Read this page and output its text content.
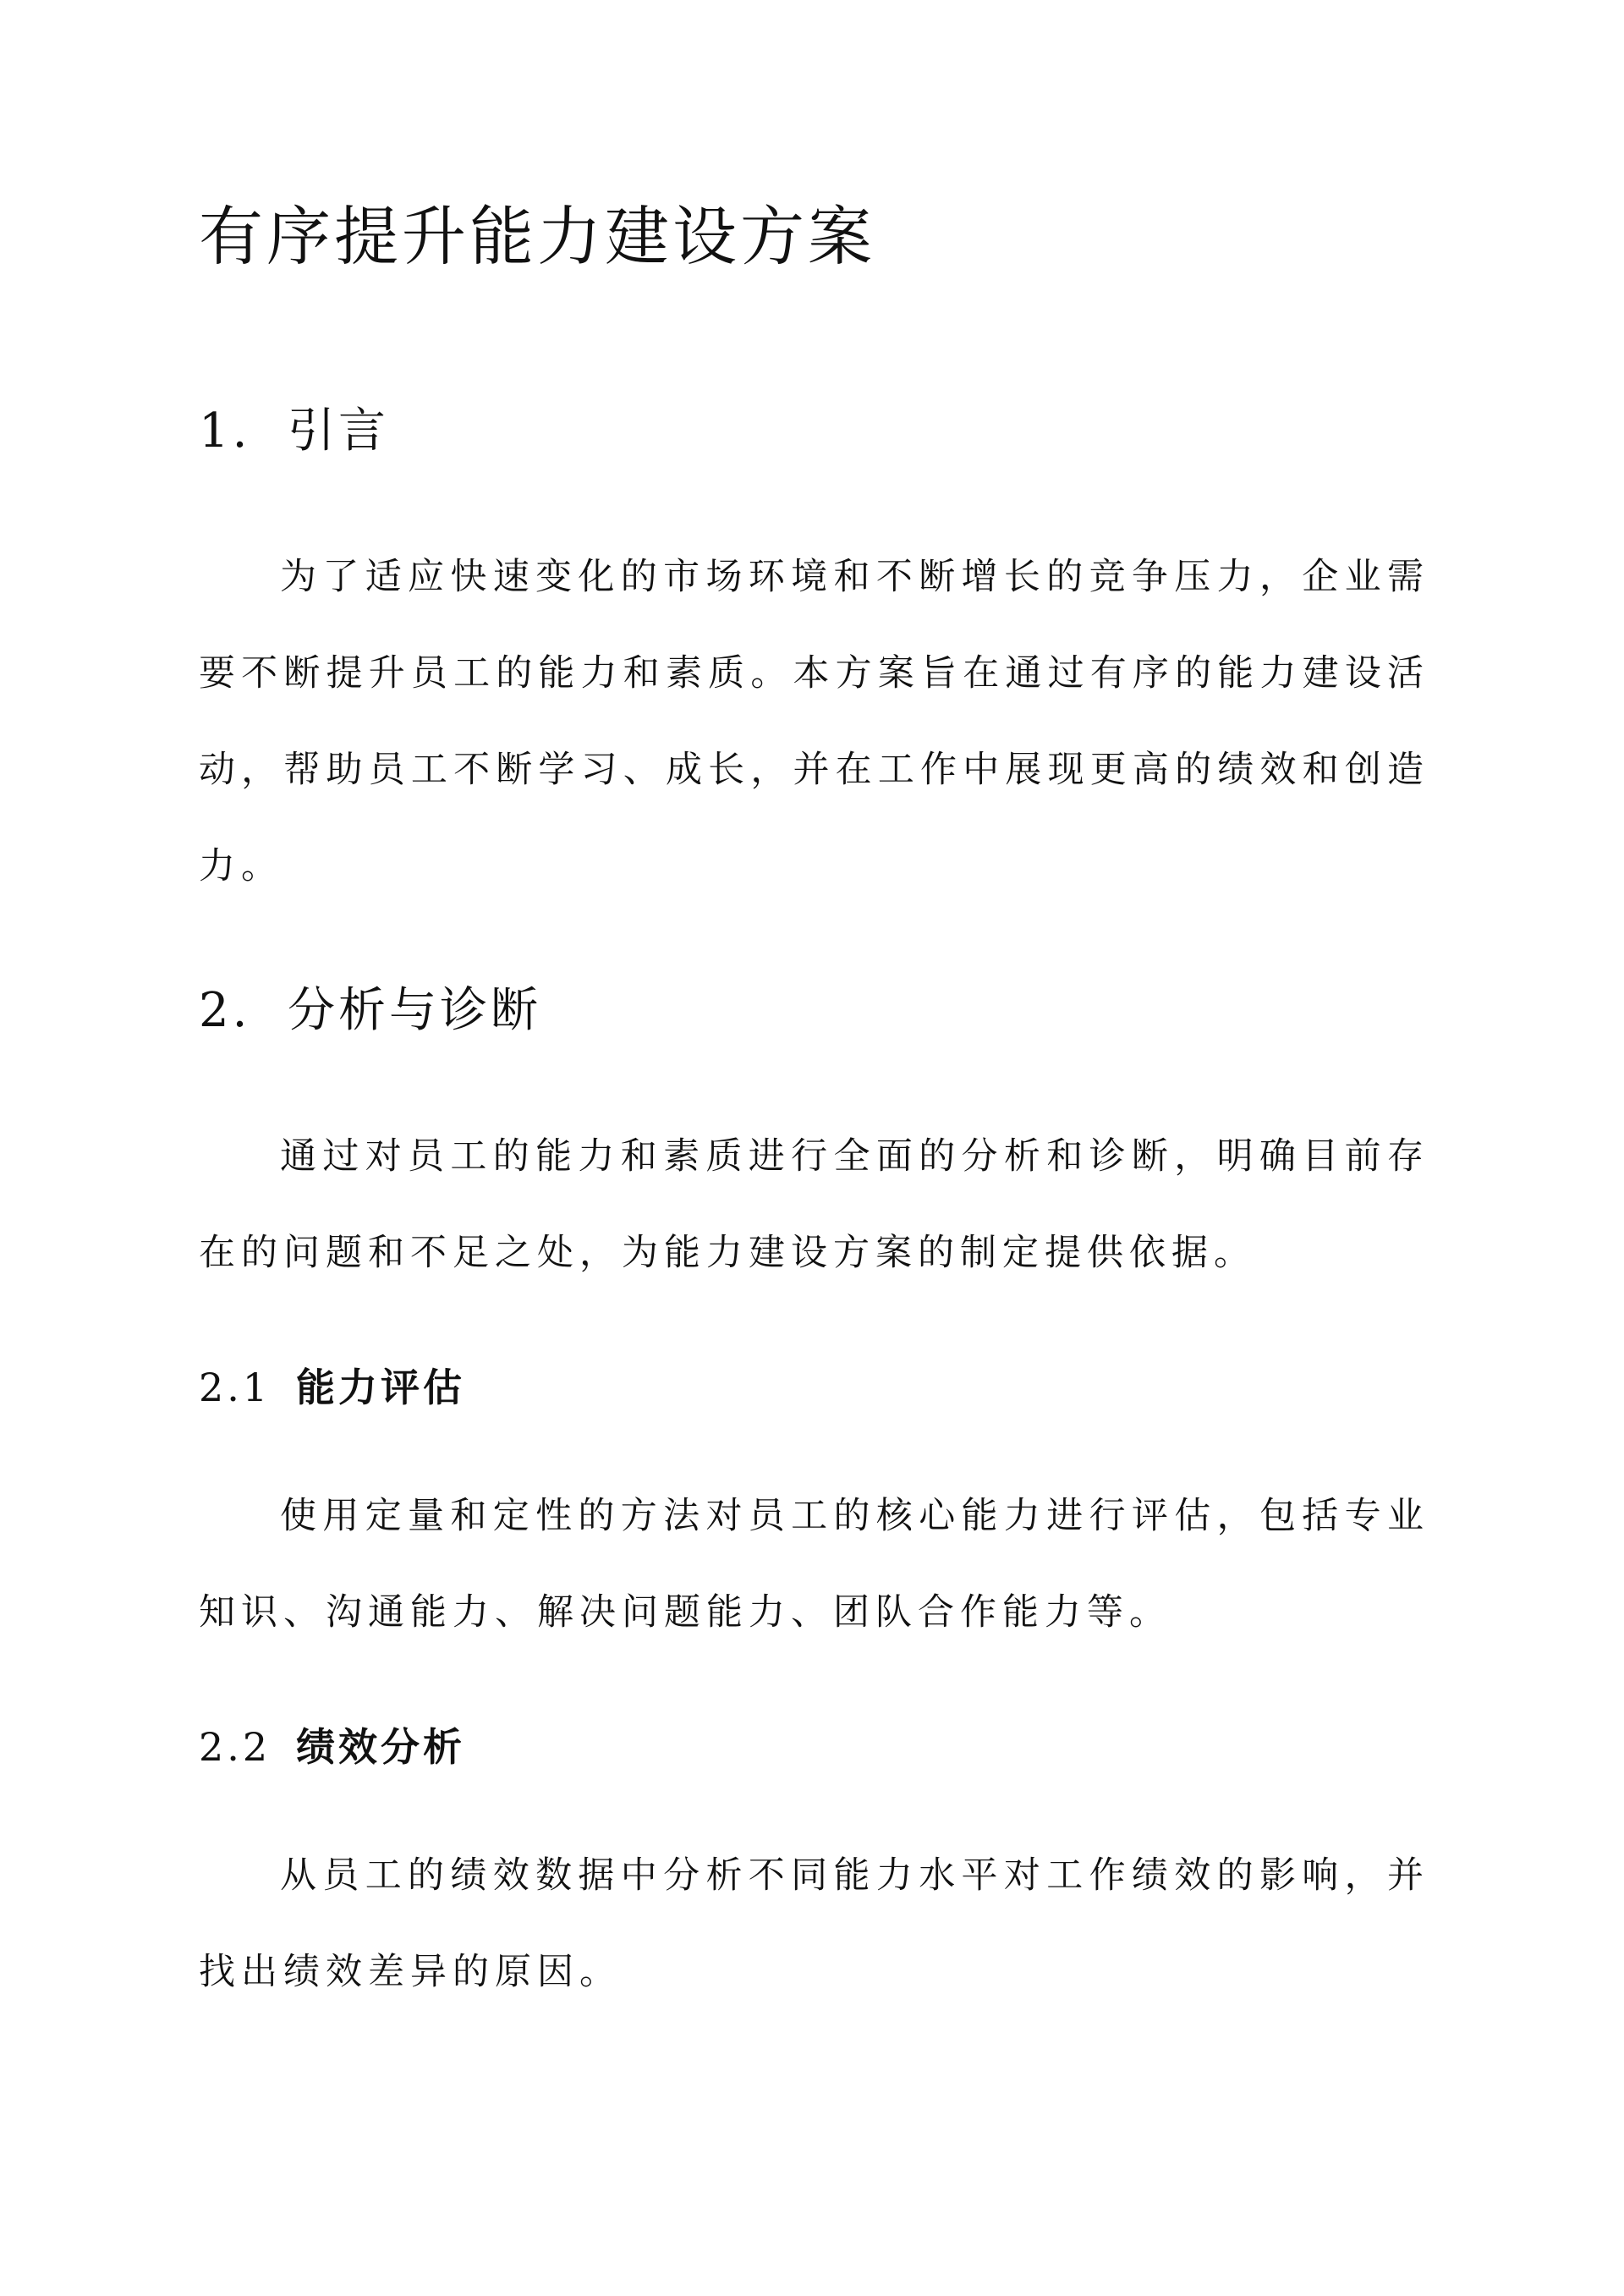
有序提升能力建设方案
1. 引言

为了适应快速变化的市场环境和不断增长的竞争压力，企业需要不断提升员工的能力和素质。本方案旨在通过有序的能力建设活动，帮助员工不断学习、成长，并在工作中展现更高的绩效和创造力。

2. 分析与诊断

通过对员工的能力和素质进行全面的分析和诊断，明确目前存在的问题和不足之处，为能力建设方案的制定提供依据。

2.1 能力评估

使用定量和定性的方法对员工的核心能力进行评估，包括专业知识、沟通能力、解决问题能力、团队合作能力等。

2.2 绩效分析

从员工的绩效数据中分析不同能力水平对工作绩效的影响，并找出绩效差异的原因。
